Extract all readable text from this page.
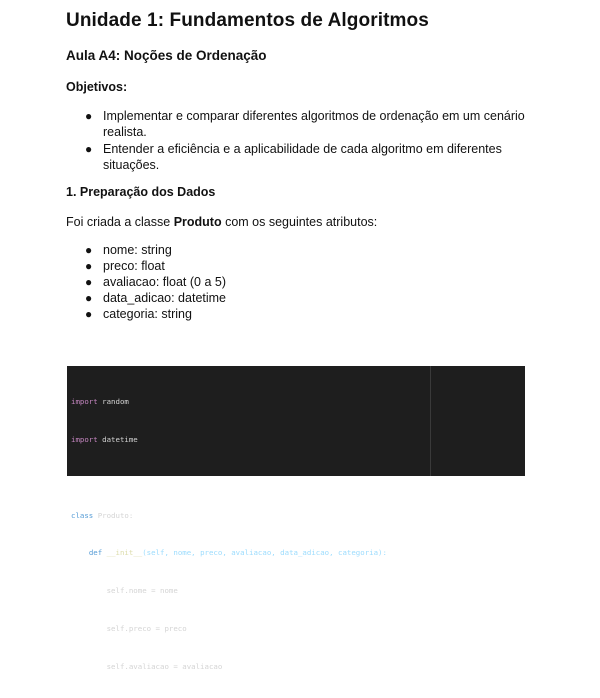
Unidade 1: Fundamentos de Algoritmos
Aula A4: Noções de Ordenação

Objetivos:

● Implementar e comparar diferentes algoritmos de ordenação em um cenário realista.
● Entender a eficiência e a aplicabilidade de cada algoritmo em diferentes situações.

1. Preparação dos Dados

Foi criada a classe Produto com os seguintes atributos:

● nome: string
● preco: float
● avaliacao: float (0 a 5)
● data_adicao: datetime
● categoria: string

import random

import datetime

class Produto:

def __init__(self, nome, preco, avaliacao, data_adicao, categoria):

self.nome = nome

self.preco = preco

self.avaliacao = avaliacao
